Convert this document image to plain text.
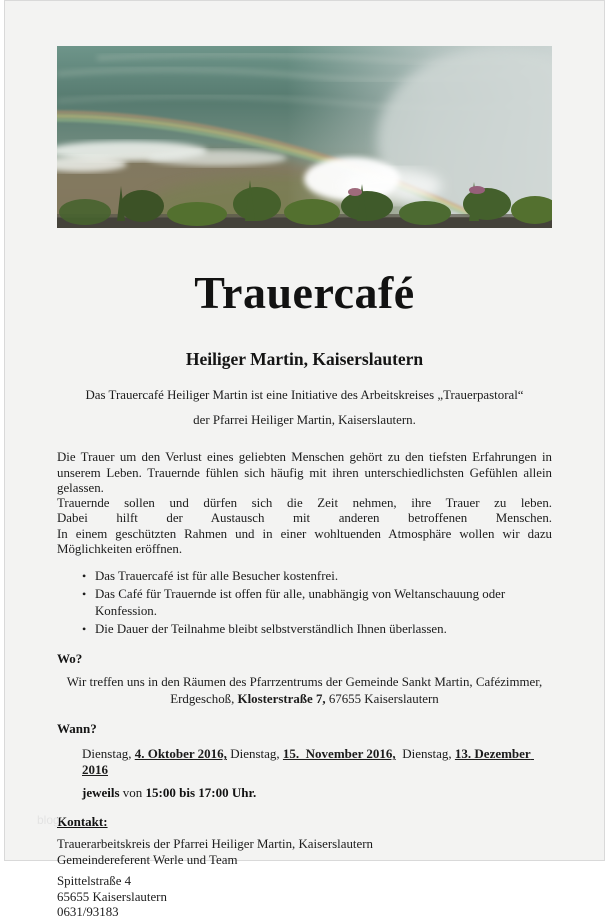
Trauercafé
Heiliger Martin, Kaiserslautern
Das Trauercafé Heiliger Martin ist eine Initiative des Arbeitskreises „Trauerpastoral“
der Pfarrei Heiliger Martin, Kaiserslautern.
Die Trauer um den Verlust eines geliebten Menschen gehört zu den tiefsten Erfahrungen in unserem Leben. Trauernde fühlen sich häufig mit ihren unterschiedlichsten Gefühlen allein gelassen.
Trauernde sollen und dürfen sich die Zeit nehmen, ihre Trauer zu leben.
Dabei hilft der Austausch mit anderen betroffenen Menschen.
In einem geschützten Rahmen und in einer wohltuenden Atmosphäre wollen wir dazu Möglichkeiten eröffnen.
• Das Trauercafé ist für alle Besucher kostenfrei.
• Das Café für Trauernde ist offen für alle, unabhängig von Weltanschauung oder Konfession.
• Die Dauer der Teilnahme bleibt selbstverständlich Ihnen überlassen.
Wo?
Wir treffen uns in den Räumen des Pfarrzentrums der Gemeinde Sankt Martin, Cafézimmer,
Erdgeschoß, Klosterstraße 7, 67655 Kaiserslautern
Wann?
Dienstag, 4. Oktober 2016, Dienstag, 15.  November 2016,  Dienstag, 13. Dezember 2016
jeweils von 15:00 bis 17:00 Uhr.
Kontakt:
Trauerarbeitskreis der Pfarrei Heiliger Martin, Kaiserslautern
Gemeindereferent Werle und Team
Spittelstraße 4
65655 Kaiserslautern
0631/93183
blog
